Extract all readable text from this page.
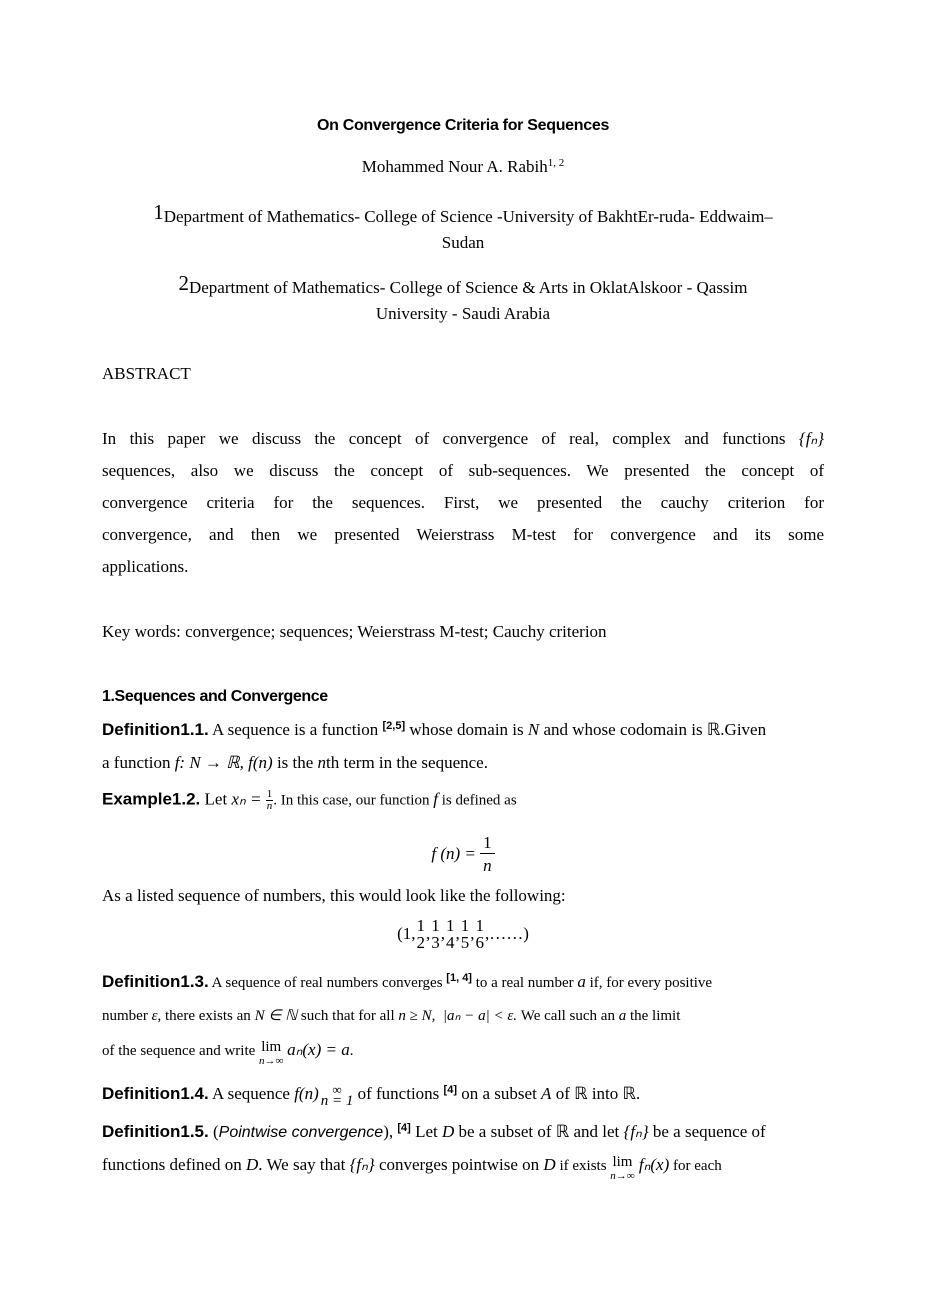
On Convergence Criteria for Sequences
Mohammed Nour A. Rabih$^{1, 2}$
1Department of Mathematics- College of Science -University of BakhtEr-ruda- Eddwaim–
Sudan
2Department of Mathematics- College of Science & Arts in OklatAlskoor - Qassim
University - Saudi Arabia
ABSTRACT
In this paper we discuss the concept of convergence of real, complex and functions {fₙ}
sequences, also we discuss the concept of sub-sequences. We presented the concept of
convergence criteria for the sequences. First, we presented the cauchy criterion for
convergence, and then we presented Weierstrass M-test for convergence and its some
applications.
Key words: convergence; sequences; Weierstrass M-test; Cauchy criterion
1.Sequences and Convergence
Definition1.1. A sequence is a function [2,5] whose domain is N and whose codomain is ℝ.Given
a function f: N → ℝ, f(n) is the nth term in the sequence.
Example1.2. Let $x_n = \frac{1}{n}$ . In this case, our function f is defined as
f $(n) = \frac{1}{n}$
As a listed sequence of numbers, this would look like the following:
(1, 1
2 , 1
3 , 1
4 , 1
5 , 1
6 ,……)
Definition1.3. A sequence of real numbers converges [1, 4] to a real number a if, for every positive
number ε, there exists an N ∈ ℕ such that for all n ≥ N, |aₙ − a| < ε. We call such an a the limit
of the sequence and write lim
n→∞
aₙ(x) = a.
Definition1.4. A sequence f(n)	∞
n = 1 of functions [4] on a subset A of ℝ into ℝ.
Definition1.5. (Pointwise convergence), [4] Let D be a subset of ℝ and let {fₙ} be a sequence of
functions defined on D. We say that {fₙ} converges pointwise on D if exists lim
n→∞
fₙ(x) for each
